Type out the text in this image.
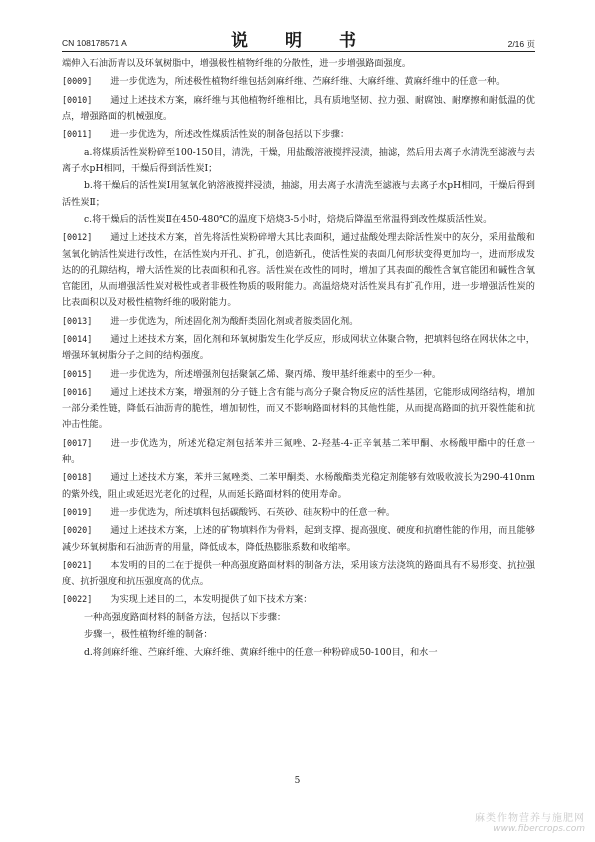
CN 108178571 A	说　明　书	2/16 页
端伸入石油沥青以及环氧树脂中，增强极性植物纤维的分散性，进一步增强路面强度。
[0009] 进一步优选为，所述极性植物纤维包括剑麻纤维、苎麻纤维、大麻纤维、黄麻纤维中的任意一种。
[0010] 通过上述技术方案，麻纤维与其他植物纤维相比，具有质地坚韧、拉力强、耐腐蚀、耐摩擦和耐低温的优点，增强路面的机械强度。
[0011] 进一步优选为，所述改性煤质活性炭的制备包括以下步骤：
a.将煤质活性炭粉碎至100-150目，清洗，干燥，用盐酸溶液搅拌浸渍，抽滤，然后用去离子水清洗至滤液与去离子水pH相同，干燥后得到活性炭Ⅰ；
b.将干燥后的活性炭Ⅰ用氢氧化钠溶液搅拌浸渍，抽滤，用去离子水清洗至滤液与去离子水pH相同，干燥后得到活性炭Ⅱ；
c.将干燥后的活性炭Ⅱ在450-480℃的温度下焙烧3-5小时，焙烧后降温至常温得到改性煤质活性炭。
[0012] 通过上述技术方案，首先将活性炭粉碎增大其比表面积，通过盐酸处理去除活性炭中的灰分，采用盐酸和氢氧化钠活性炭进行改性，在活性炭内开孔、扩孔，创造新孔，使活性炭的表面几何形状变得更加均一，进而形成发达的的孔隙结构，增大活性炭的比表面积和孔容。活性炭在改性的同时，增加了其表面的酸性含氧官能团和碱性含氧官能团，从而增强活性炭对极性或者非极性物质的吸附能力。高温焙烧对活性炭具有扩孔作用，进一步增强活性炭的比表面积以及对极性植物纤维的吸附能力。
[0013] 进一步优选为，所述固化剂为酸酐类固化剂或者胺类固化剂。
[0014] 通过上述技术方案，固化剂和环氧树脂发生化学反应，形成网状立体聚合物，把填料包络在网状体之中，增强环氧树脂分子之间的结构强度。
[0015] 进一步优选为，所述增强剂包括聚氯乙烯、聚丙烯、羧甲基纤维素中的至少一种。
[0016] 通过上述技术方案，增强剂的分子链上含有能与高分子聚合物反应的活性基团，它能形成网络结构，增加一部分柔性链，降低石油沥青的脆性，增加韧性，而又不影响路面材料的其他性能，从而提高路面的抗开裂性能和抗冲击性能。
[0017] 进一步优选为，所述光稳定剂包括苯并三氮唑、2-羟基-4-正辛氧基二苯甲酮、水杨酸甲酯中的任意一种。
[0018] 通过上述技术方案，苯并三氮唑类、二苯甲酮类、水杨酸酯类光稳定剂能够有效吸收波长为290-410nm的紫外线，阻止或延迟光老化的过程，从而延长路面材料的使用寿命。
[0019] 进一步优选为，所述填料包括碳酸钙、石英砂、硅灰粉中的任意一种。
[0020] 通过上述技术方案，上述的矿物填料作为骨料，起到支撑、提高强度、硬度和抗磨性能的作用，而且能够减少环氧树脂和石油沥青的用量，降低成本，降低热膨胀系数和收缩率。
[0021] 本发明的目的二在于提供一种高强度路面材料的制备方法，采用该方法浇筑的路面具有不易形变、抗拉强度、抗折强度和抗压强度高的优点。
[0022] 为实现上述目的二，本发明提供了如下技术方案：
一种高强度路面材料的制备方法，包括以下步骤：
步骤一，极性植物纤维的制备：
d.将剑麻纤维、苎麻纤维、大麻纤维、黄麻纤维中的任意一种粉碎成50-100目，和水一
5
麻类作物营养与施肥网
www.fibercrops.com
